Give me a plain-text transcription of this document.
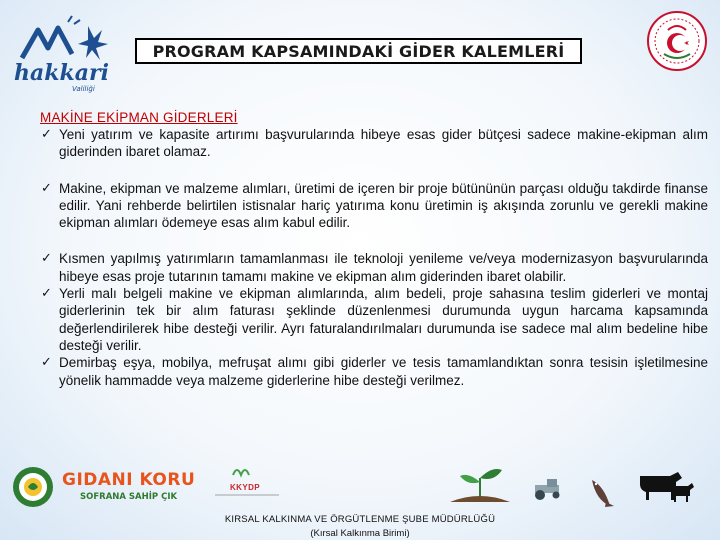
hakkari
Valiliği
PROGRAM KAPSAMINDAKİ GİDER KALEMLERİ
MAKİNE EKİPMAN GİDERLERİ
✓ Yeni yatırım ve kapasite artırımı başvurularında hibeye esas gider bütçesi sadece makine-ekipman alım giderinden ibaret olamaz.
✓ Makine, ekipman ve malzeme alımları, üretimi de içeren bir proje bütününün parçası olduğu takdirde finanse edilir. Yani rehberde belirtilen istisnalar hariç yatırıma konu üretimin iş akışında zorunlu ve gerekli makine ekipman alımları ödemeye esas alım kabul edilir.
✓ Kısmen yapılmış yatırımların tamamlanması ile teknoloji yenileme ve/veya modernizasyon başvurularında hibeye esas proje tutarının tamamı makine ve ekipman alım giderinden ibaret olabilir.
✓ Yerli malı belgeli makine ve ekipman alımlarında, alım bedeli, proje sahasına teslim giderleri ve montaj giderlerinin tek bir alım faturası şeklinde düzenlenmesi durumunda uygun harcama kapsamında değerlendirilerek hibe desteği verilir. Ayrı faturalandırılmaları durumunda ise sadece mal alım bedeline hibe desteği verilir.
✓ Demirbaş eşya, mobilya, mefruşat alımı gibi giderler ve tesis tamamlandıktan sonra tesisin işletilmesine yönelik hammadde veya malzeme giderlerine hibe desteği verilmez.
GIDANI KORU
SOFRANA SAHİP ÇIK
KKYDP
KIRSAL KALKINMA VE ÖRGÜTLENME ŞUBE MÜDÜRLÜĞÜ
(Kırsal Kalkınma Birimi)
